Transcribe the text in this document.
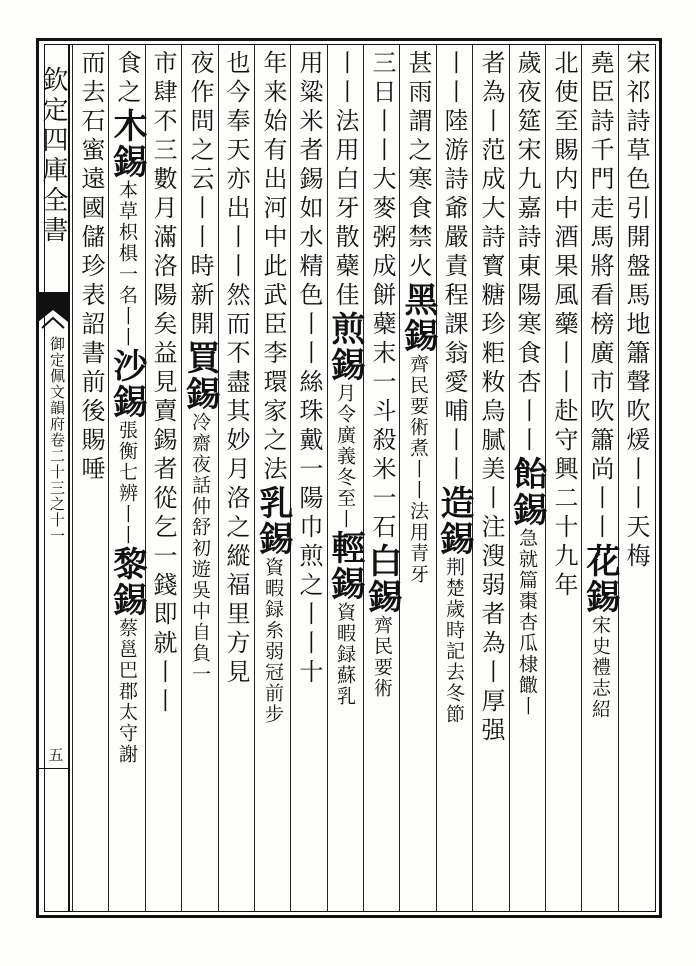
欽定四庫全書
御定佩文韻府卷二十三之十一
五
宋祁詩草色引開盤馬地簫聲吹煖丨丨天梅
堯臣詩千門走馬將看榜廣市吹簫尚丨丨花錫宋史禮志紹
北使至賜内中酒果風藥丨丨赴守興二十九年
歲夜筵宋九嘉詩東陽寒食杏丨丨飴錫急就篇棗杏瓜棣饊丨
者為丨范成大詩寳糖珍粔籹烏腻美丨注溲弱者為丨厚强
丨丨陸游詩爺嚴責程課翁愛哺丨丨造錫荆楚歲時記去冬節
甚雨謂之寒食禁火黑錫齊民要術煮丨丨法用青牙
三日丨丨大麥粥成餅蘗末一斗殺米一石白錫齊民要術
丨丨法用白牙散蘗佳煎錫月令廣義冬至丨輕錫資暇録蘇乳
用粱米者錫如水精色丨丨絲珠戴一陽巾煎之丨丨十
年来始有出河中此武臣李環家之法乳錫資暇録糸弱冠前步
也今奉天亦出丨丨然而不盡其妙月洛之縱福里方見
夜作問之云丨丨時新開買錫冷齋夜話仲舒初遊吳中自負一
市肆不三數月滿洛陽矣益見賣錫者從乞一錢即就丨丨
食之木錫本草枳椇一名丨丨沙錫張衡七辨丨丨黎錫蔡邕巴郡太守謝
而去石蜜遠國儲珍表詔書前後賜唾
